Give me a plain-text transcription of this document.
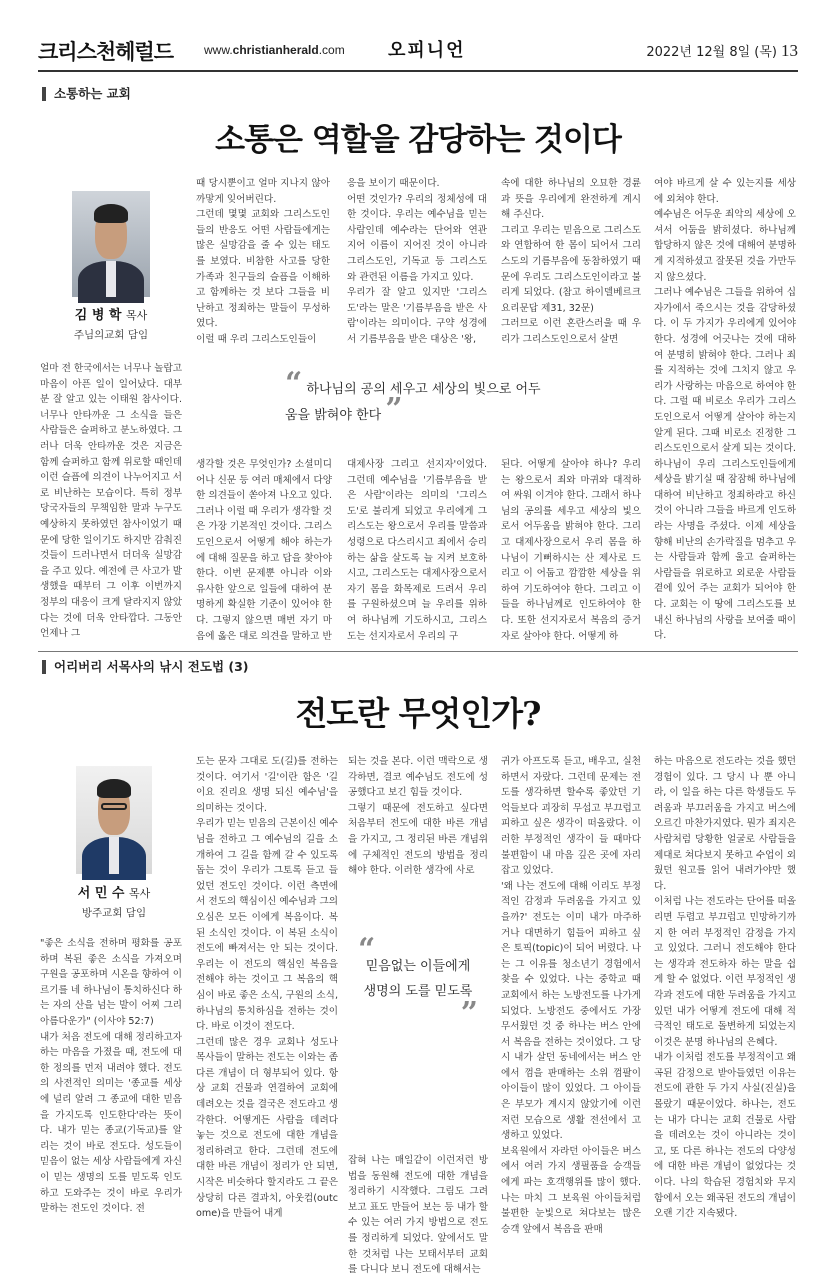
크리스천헤럴드	www.christianherald.com 오피니언	2022년 12월 8일 (목) 13
소통하는 교회
소통은 역할을 감당하는 것이다
김 병 학 목사
주님의교회 담임
얼마 전 한국에서는 너무나 놀랍고 마음이 아픈 일이 일어났다. 대부분 잘 알고 있는 이태원 참사이다. 너무나 안타까운 그 소식을 들은 사람들은 슬퍼하고 분노하였다. 그러나 더욱 안타까운 것은 지금은 함께 슬퍼하고 함께 위로할 때인데 이런 슬픔에 의견이 나누어지고 서로 비난하는 모습이다. 특히 정부 당국자들의 무책임한 말과 누구도 예상하지 못하였던 참사이었기 때문에 당한 일이기도 하지만 감춰진 것들이 드러나면서 더더욱 실망감을 주고 있다. 예전에 큰 사고가 발생했을 때부터 그 이후 이번까지 정부의 대응이 크게 달라지지 않았다는 것에 더욱 안타깝다. 그동안 언제나 그
때 당시뿐이고 얼마 지나지 않아 까맣게 잊어버린다.
그런데 몇몇 교회와 그리스도인들의 반응도 어떤 사람들에게는 많은 실망감을 줄 수 있는 태도를 보였다. 비참한 사고를 당한 가족과 친구들의 슬픔을 이해하고 함께하는 것 보다 그들을 비난하고 정죄하는 말들이 무성하였다.
이럴 때 우리 그리스도인들이
응을 보이기 때문이다.
어떤 것인가? 우리의 정체성에 대한 것이다. 우리는 예수님을 믿는 사람인데 예수라는 단어와 연관 지어 이름이 지어진 것이 아니라 그리스도인, 기독교 등 그리스도와 관련된 이름을 가지고 있다.
우리가 잘 알고 있지만 '그리스도'라는 말은 '기름부음을 받은 사람'이라는 의미이다. 구약 성경에서 기름부음을 받은 대상은 '왕,
속에 대한 하나님의 오묘한 경륜과 뜻을 우리에게 완전하게 계시해 주신다.
그리고 우리는 믿음으로 그리스도와 연합하여 한 몸이 되어서 그리스도의 기름부음에 동참하였기 때문에 우리도 그리스도인이라고 불리게 되었다. (참고 하이델베르크 요리문답 제31, 32문)
그러므로 이런 혼란스러울 때 우리가 그리스도인으로서 살면
여야 바르게 살 수 있는지를 세상에 외쳐야 한다.
예수님은 어두운 죄악의 세상에 오셔서 어둠을 밝히셨다. 하나님께 합당하지 않은 것에 대해여 분명하게 지적하셨고 잘못된 것을 가만두지 않으셨다.
그러나 예수님은 그들을 위하여 십자가에서 죽으시는 것을 감당하셨다. 이 두 가지가 우리에게 있어야 한다. 성경에 어긋나는 것에 대하여 분명히 밝혀야 한다. 그러나 죄를 지적하는 것에 그치지 않고 우리가 사랑하는 마음으로 하여야 한다. 그럴 때 비로소 우리가 그리스도인으로서 어떻게 살아야 하는지 알게 된다. 그때 비로소 진정한 그리스도인으로서 살게 되는 것이다.
하나님이 우리 그리스도인들에게 세상을 밝기실 때 잠잠해 하나님에 대하여 비난하고 정죄하라고 하신 것이 아니라 그들을 바르게 인도하라는 사명을 주셨다. 이제 세상을 향해 비난의 손가락질을 멈추고 우는 사람들과 함께 울고 슬퍼하는 사람들을 위로하고 외로운 사람들 곁에 있어 주는 교회가 되어야 한다. 교회는 이 땅에 그리스도를 보내신 하나님의 사랑을 보여줄 때이다.
“ 하나님의 공의 세우고 세상의 빛으로 어두움을 밝혀야 한다 ”
생각할 것은 무엇인가? 소셜미디어나 신문 등 여러 매체에서 다양한 의견들이 쏟아져 나오고 있다. 그러나 이럴 때 우리가 생각할 것은 가장 기본적인 것이다. 그리스도인으로서 어떻게 해야 하는가에 대해 질문을 하고 답을 찾아야 한다. 이번 문제뿐 아니라 이와 유사한 앞으로 일들에 대하여 분명하게 확실한 기준이 있어야 한다. 그렇지 않으면 매번 자기 마음에 옳은 대로 의견을 말하고 반
대제사장 그리고 선지자'이었다. 그런데 예수님을 '기름부음을 받은 사람'이라는 의미의 '그리스도'로 불리게 되었고 우리에게 그리스도는 왕으로서 우리를 말씀과 성령으로 다스리시고 죄에서 승리하는 삶을 살도록 늘 지켜 보호하시고, 그리스도는 대제사장으로서 자기 몸을 화목제로 드려서 우리를 구원하셨으며 늘 우리를 위하여 하나님께 기도하시고, 그리스도는 선지자로서 우리의 구
된다. 어떻게 살아야 하나? 우리는 왕으로서 죄와 마귀와 대적하여 싸워 이겨야 한다. 그래서 하나님의 공의를 세우고 세상의 빛으로서 어두움을 밝혀야 한다. 그리고 대제사장으로서 우리 몸을 하나님이 기뻐하시는 산 제사로 드리고 이 어둡고 깜깜한 세상을 위하여 기도하여야 한다. 그리고 이들을 하나님께로 인도하여야 한다. 또한 선지자로서 복음의 증거 자로 살아야 한다. 어떻게 하
어리버리 서목사의 낚시 전도법 (3)
전도란 무엇인가?
서 민 수 목사
방주교회 담임
"좋은 소식을 전하며 평화를 공포하며 복된 좋은 소식을 가져오며 구원을 공포하며 시온을 향하여 이르기를 네 하나님이 통치하신다 하는 자의 산을 넘는 발이 어찌 그리 아름다운가" (이사야 52:7)
내가 처음 전도에 대해 정리하고자 하는 마음을 가졌을 때, 전도에 대한 정의를 먼저 내려야 했다. 전도의 사전적인 의미는 '종교를 세상에 널리 알려 그 종교에 대한 믿음을 가지도록 인도한다'라는 뜻이다. 내가 믿는 종교(기독교)를 알리는 것이 바로 전도다. 성도들이 믿음이 없는 세상 사람들에게 자신이 믿는 생명의 도를 믿도록 인도하고 도와주는 것이 바로 우리가 말하는 전도인 것이다. 전
도는 문자 그대로 도(길)를 전하는 것이다. 여기서 '길'이란 함은 '길이요 진리요 생명 되신 예수님'을 의미하는 것이다.
우리가 믿는 믿음의 근본이신 예수님을 전하고 그 예수님의 길을 소개하여 그 길을 함께 갈 수 있도록 돕는 것이 우리가 그토록 듣고 들었던 전도인 것이다. 이런 측면에서 전도의 핵심이신 예수님과 그의 오심은 모든 이에게 복음이다. 복된 소식인 것이다. 이 복된 소식이 전도에 빠져서는 안 되는 것이다. 우리는 이 전도의 핵심인 복음을 전해야 하는 것이고 그 복음의 핵심이 바로 좋은 소식, 구원의 소식, 하나님의 통치하심을 전하는 것이다. 바로 이것이 전도다.
그런데 많은 경우 교회나 성도나 목사들이 말하는 전도는 이와는 좀 다른 개념이 더 형부되어 있다. 항상 교회 건물과 연결하여 교회에 데려오는 것을 결국은 전도라고 생각한다. 어떻게든 사람을 데려다 놓는 것으로 전도에 대한 개념을 정리하려고 한다. 그런데 전도에 대한 바른 개념이 정리가 안 되면, 시작은 비슷하다 할지라도 그 끝은 상당히 다른 결과치, 아웃컴(outcome)을 만들어 내게
되는 것을 본다. 이런 맥락으로 생각하면, 결코 예수님도 전도에 성공했다고 보긴 힘들 것이다.
그렇기 때문에 전도하고 싶다면 처음부터 전도에 대한 바른 개념을 가지고, 그 정리된 바른 개념위에 구체적인 전도의 방법을 정리해야 한다. 이러한 생각에 사로
“
믿음없는 이들에게 생명의 도를 믿도록
”
잡혀 나는 매일같이 이런저런 방법을 동원해 전도에 대한 개념을 정리하기 시작했다. 그림도 그려보고 표도 만들어 보는 등 내가 할 수 있는 여러 가지 방법으로 전도를 정리하게 되었다. 앞에서도 말한 것처럼 나는 모태서부터 교회를 다니다 보니 전도에 대해서는
귀가 아프도록 듣고, 배우고, 실천하면서 자랐다. 그런데 문제는 전도를 생각하면 할수록 좋았던 기억들보다 괴장히 무섭고 부끄럽고 피하고 싶은 생각이 떠올랐다. 이러한 부정적인 생각이 들 때마다 불편함이 내 마음 깊은 곳에 자리 잡고 있었다.
'왜 나는 전도에 대해 이리도 부정적인 감정과 두려움을 가지고 있을까?' 전도는 이미 내가 마주하거나 대면하기 힘들어 피하고 싶은 토픽(topic)이 되어 버렸다. 나는 그 이유를 청소년기 경험에서 찾을 수 있었다. 나는 중학교 때 교회에서 하는 노방전도를 나가게 되었다. 노방전도 중에서도 가장 무서웠던 것 중 하나는 버스 안에서 복음을 전하는 것이었다. 그 당시 내가 살던 동네에서는 버스 안에서 껌을 판매하는 소위 껌팔이 아이들이 많이 있었다. 그 아이들은 부모가 계시지 않았기에 이런저런 모습으로 생활 전선에서 고생하고 있었다.
보육원에서 자라던 아이들은 버스에서 여러 가지 생필품을 승객들에게 파는 호객행위를 많이 했다. 나는 마치 그 보육원 아이들처럼 불편한 눈빛으로 쳐다보는 많은 승객 앞에서 복음을 판매
하는 마음으로 전도라는 것을 했던 경험이 있다. 그 당시 나 뿐 아니라, 이 일을 하는 다른 학생들도 두려움과 부끄러움을 가지고 버스에 오르긴 마찬가지였다. 뭔가 죄지은 사람처럼 당황한 얼굴로 사람들을 제대로 쳐다보지 못하고 수업이 외웠던 원고를 읽어 내려가야만 했다.
이처럼 나는 전도라는 단어를 떠올리면 두렵고 부끄럽고 민망하기까지 한 여러 부정적인 감정을 가지고 있었다. 그러니 전도해야 한다는 생각과 전도하자 하는 말을 쉽게 할 수 없었다. 이런 부정적인 생각과 전도에 대한 두려움을 가지고 있던 내가 어떻게 전도에 대해 적극적인 태도로 돌변하게 되었는지 이것은 분명 하나님의 은혜다.
내가 이처럼 전도를 부정적이고 왜곡된 감정으로 받아들였던 이유는 전도에 관한 두 가지 사실(진실)을 몰랐기 때문이었다. 하나는, 전도는 내가 다니는 교회 건물로 사람을 데려오는 것이 아니라는 것이고, 또 다른 하나는 전도의 다양성에 대한 바른 개념이 없었다는 것이다. 나의 학습된 경험치와 무지함에서 오는 왜곡된 전도의 개념이 오랜 기간 지속됐다.
